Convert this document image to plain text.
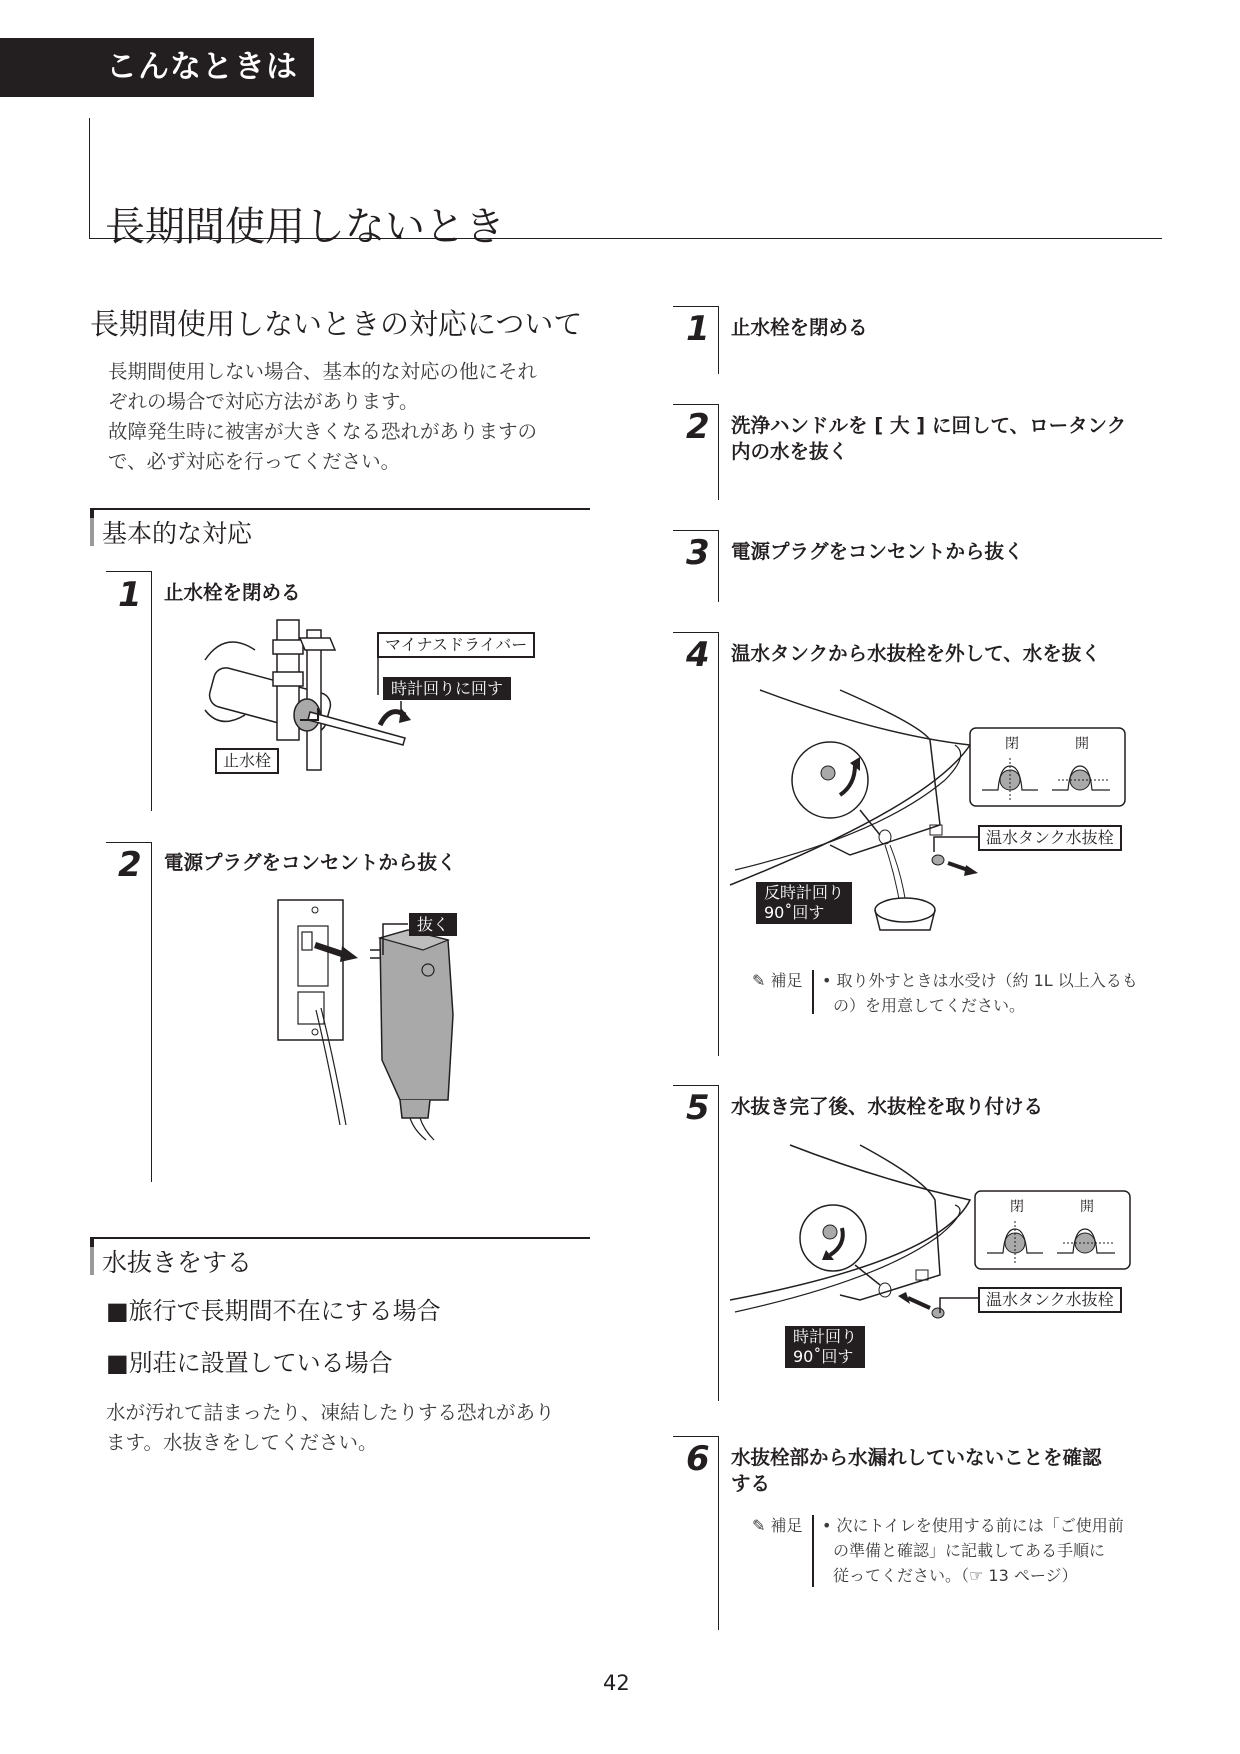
こんなときは
長期間使用しないとき
長期間使用しないときの対応について
長期間使用しない場合、基本的な対応の他にそれ
ぞれの場合で対応方法があります。
故障発生時に被害が大きくなる恐れがありますの
で、必ず対応を行ってください。
基本的な対応
1 止水栓を閉める
マイナスドライバー
時計回りに回す
止水栓
2 電源プラグをコンセントから抜く
抜く
水抜きをする
■旅行で長期間不在にする場合
■別荘に設置している場合
水が汚れて詰まったり、凍結したりする恐れがあり
ます。水抜きをしてください。
1 止水栓を閉める
2 洗浄ハンドルを [ 大 ] に回して、ロータンク
内の水を抜く
3 電源プラグをコンセントから抜く
4 温水タンクから水抜栓を外して、水を抜く
閉	開
温水タンク水抜栓
反時計回り
90˚回す
✎ 補足 • 取り外すときは水受け（約 1L 以上入るも
の）を用意してください。
5 水抜き完了後、水抜栓を取り付ける
閉	開
温水タンク水抜栓
時計回り
90˚回す
6 水抜栓部から水漏れしていないことを確認
する
✎ 補足 • 次にトイレを使用する前には「ご使用前
の準備と確認」に記載してある手順に
従ってください。（☞ 13 ページ）
42
